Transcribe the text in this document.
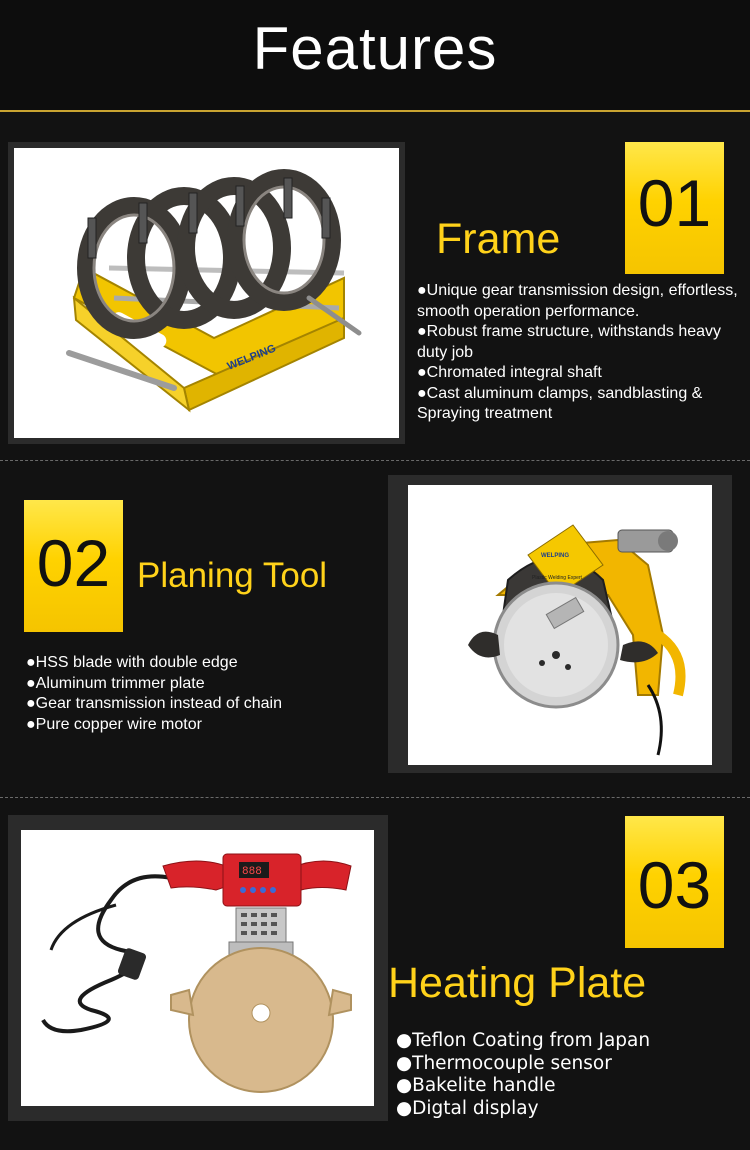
Features
WELPING
01
Frame
●Unique gear transmission design, effortless, smooth operation performance.
●Robust frame structure, withstands heavy duty job
●Chromated integral shaft
●Cast aluminum clamps, sandblasting & Spraying treatment
02 Planing Tool
●HSS blade with double edge
●Aluminum trimmer plate
●Gear transmission instead of chain
●Pure copper wire motor
WELPING
Plastic Welding Expert
888	03
Heating Plate
●Teflon Coating from Japan
●Thermocouple sensor
●Bakelite handle
●Digtal display
